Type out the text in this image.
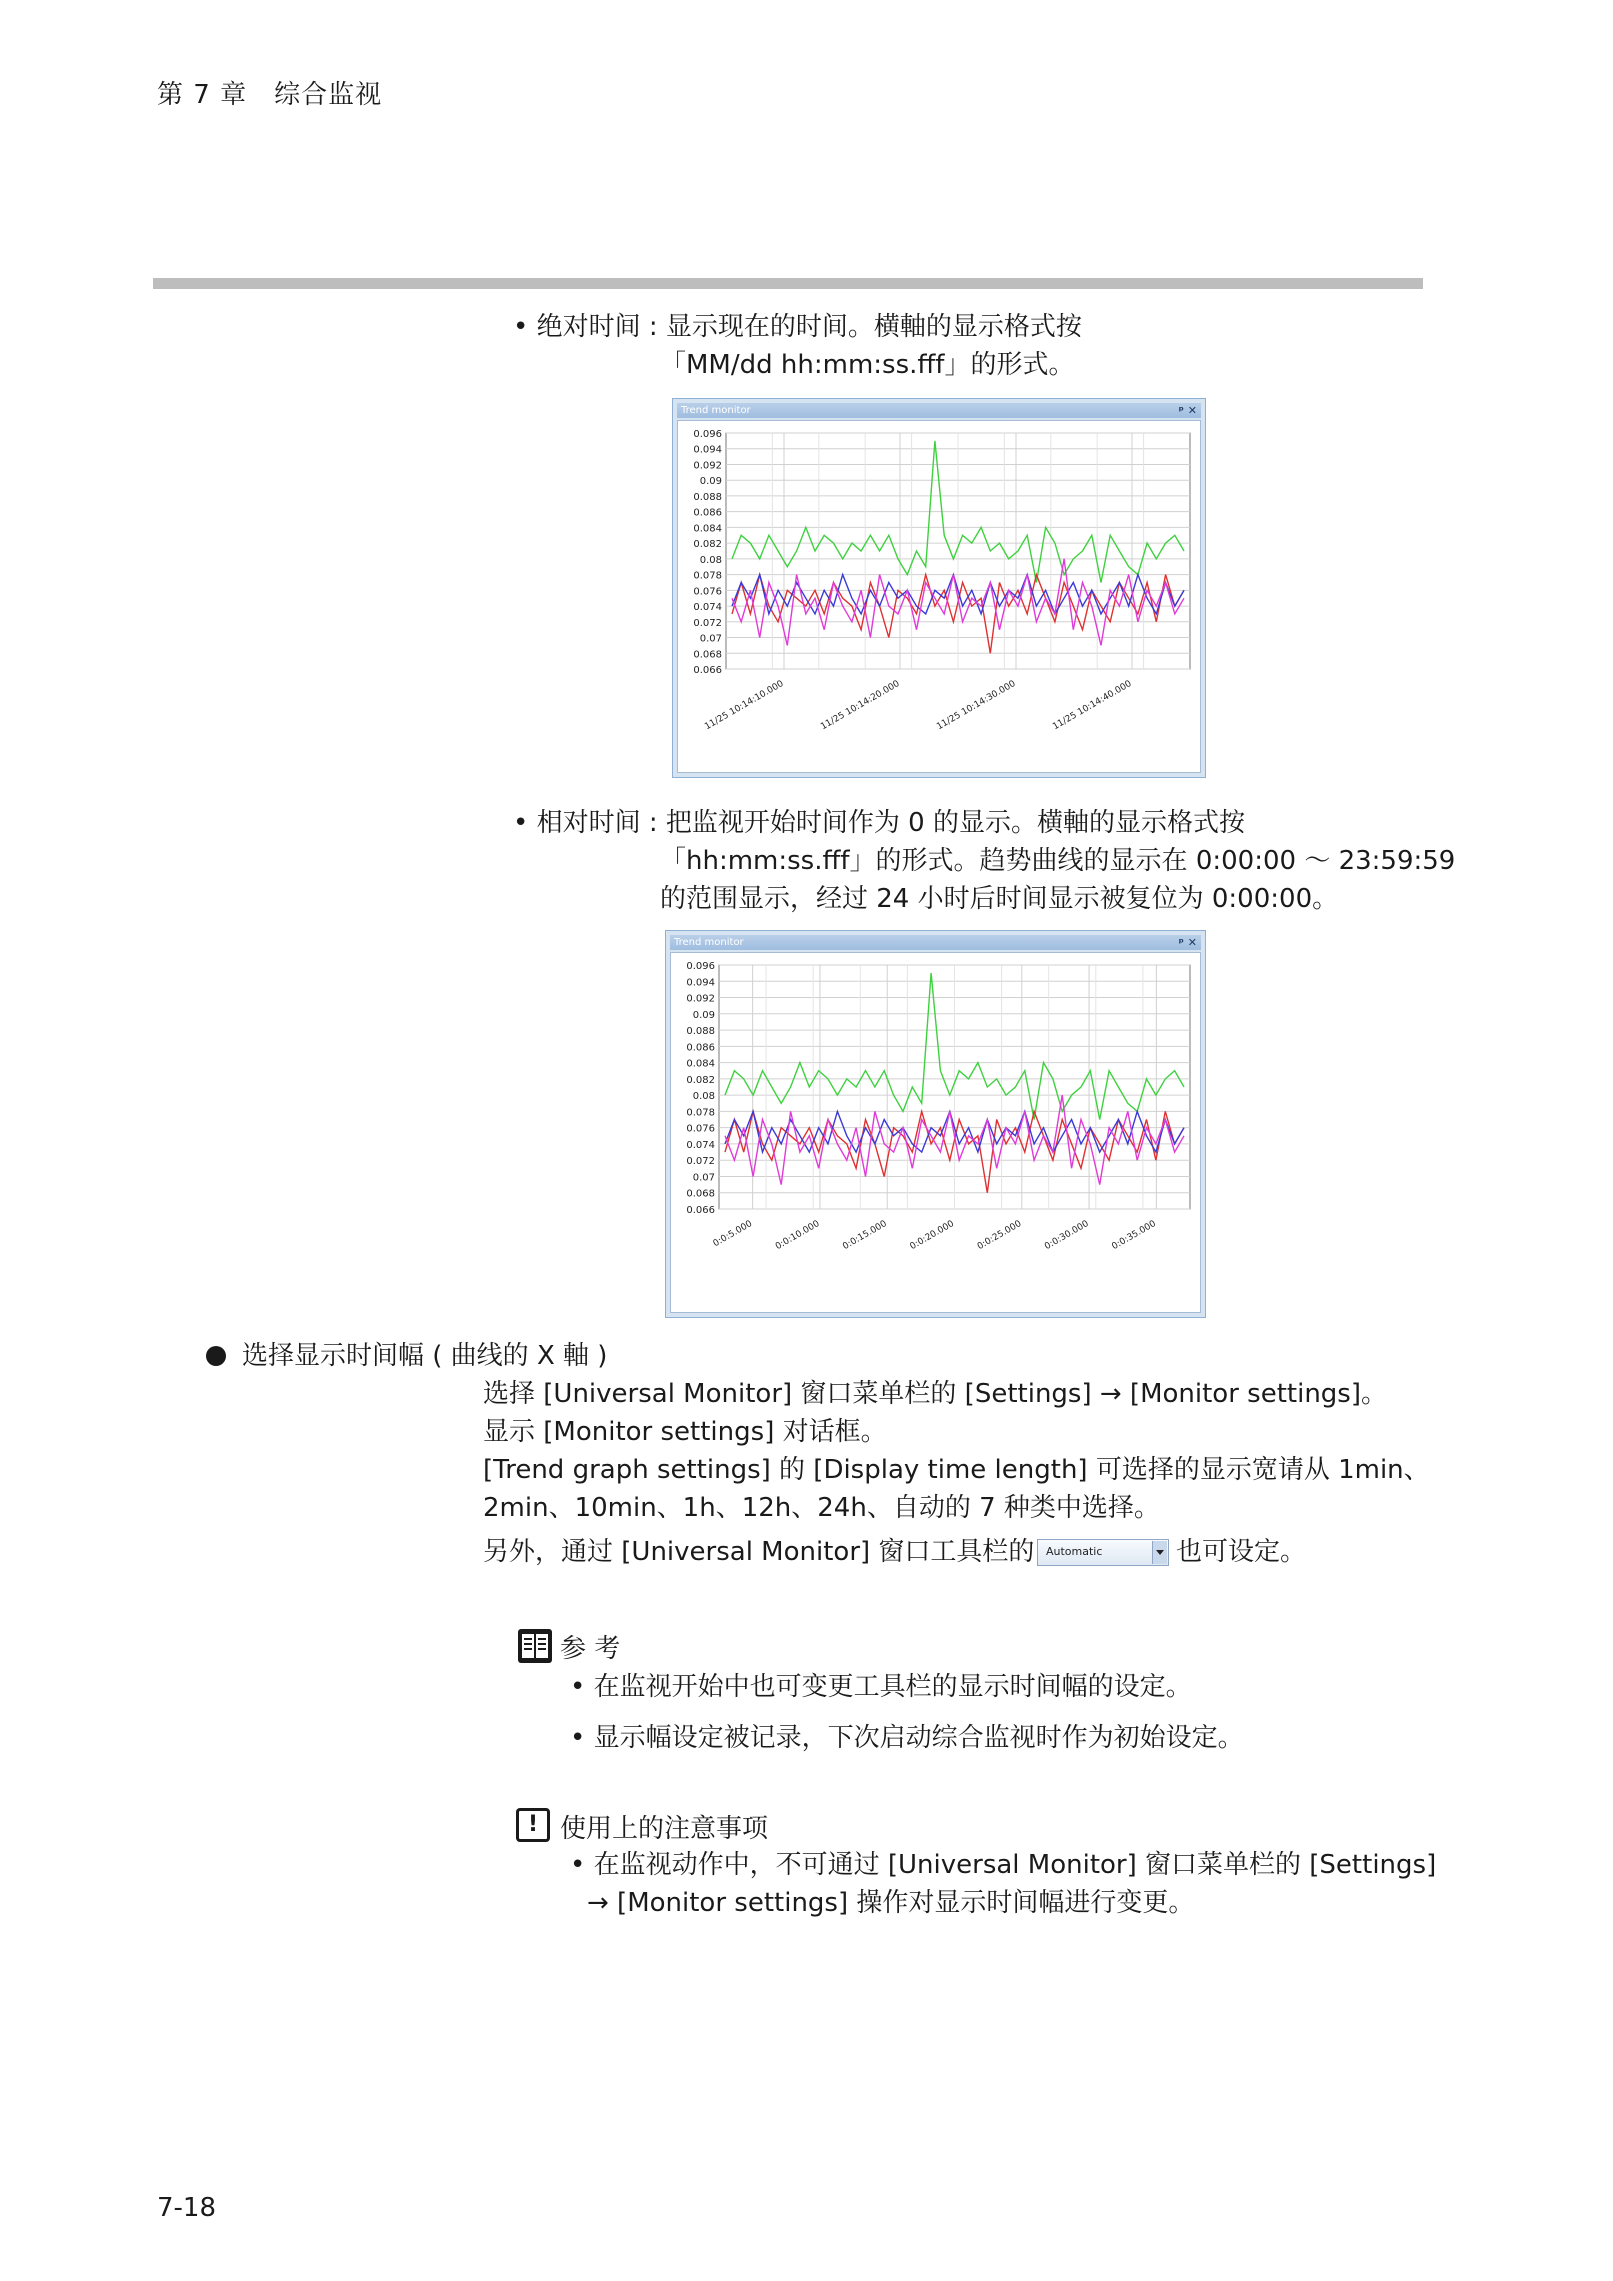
第 7 章　综合监视
• 绝对时间 : 显示现在的时间。横軸的显示格式按
「MM/dd hh:mm:ss.fff」的形式。
Trend monitor	ᵖ ✕
0.096
0.094
0.092
0.09
0.088
0.086
0.084
0.082
0.08
0.078
0.076
0.074
0.072
0.07
0.068
0.066
11/25 10:14:10.000	11/25 10:14:20.000	11/25 10:14:30.000	11/25 10:14:40.000
• 相对时间 : 把监视开始时间作为 0 的显示。横軸的显示格式按
「hh:mm:ss.fff」的形式。趋势曲线的显示在 0:00:00 ～ 23:59:59
的范围显示，经过 24 小时后时间显示被复位为 0:00:00。
Trend monitor	ᵖ ✕
0.096
0.094
0.092
0.09
0.088
0.086
0.084
0.082
0.08
0.078
0.076
0.074
0.072
0.07
0.068
0.066
0:0:5.000 0:0:10.000 0:0:15.000 0:0:20.000 0:0:25.000 0:0:30.000 0:0:35.000
选择显示时间幅 ( 曲线的 X 軸 )
选择 [Universal Monitor] 窗口菜单栏的 [Settings] → [Monitor settings]。
显示 [Monitor settings] 对话框。
[Trend graph settings] 的 [Display time length] 可选择的显示宽请从 1min、
2min、10min、1h、12h、24h、自动的 7 种类中选择。
另外，通过 [Universal Monitor] 窗口工具栏的 Automatic	也可设定。
参 考
• 在监视开始中也可变更工具栏的显示时间幅的设定。
• 显示幅设定被记录，下次启动综合监视时作为初始设定。
! 使用上的注意事项
• 在监视动作中，不可通过 [Universal Monitor] 窗口菜单栏的 [Settings]
→ [Monitor settings] 操作对显示时间幅进行变更。
7-18
